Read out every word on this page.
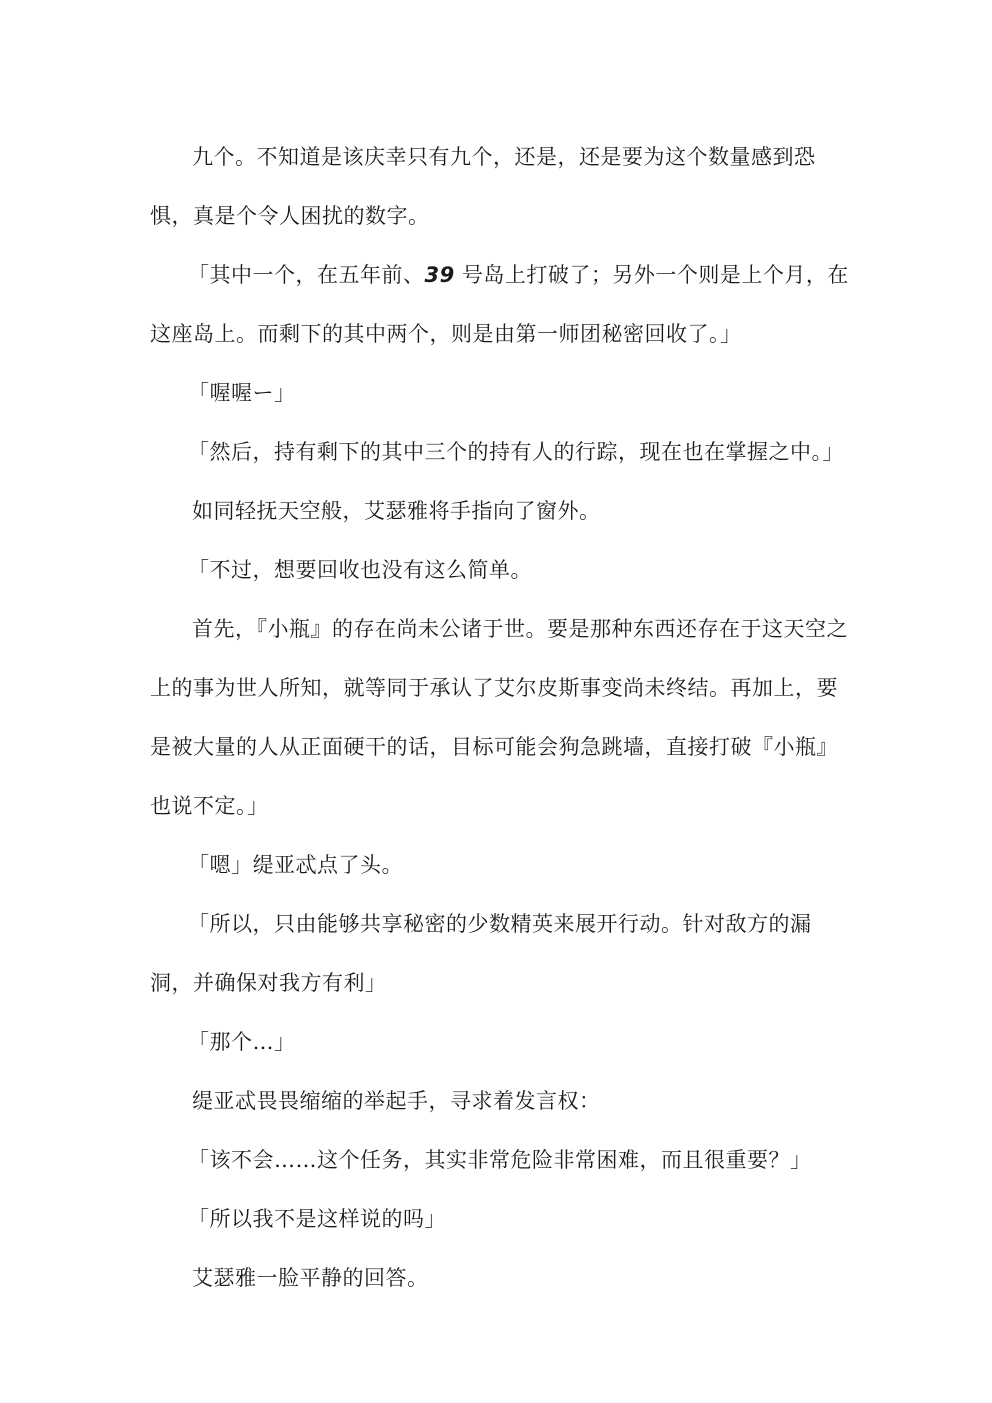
九个。不知道是该庆幸只有九个，还是，还是要为这个数量感到恐惧，真是个令人困扰的数字。

「其中一个，在五年前、39 号岛上打破了；另外一个则是上个月，在这座岛上。而剩下的其中两个，则是由第一师团秘密回收了。」

「喔喔ー」

「然后，持有剩下的其中三个的持有人的行踪，现在也在掌握之中。」

如同轻抚天空般，艾瑟雅将手指向了窗外。

「不过，想要回收也没有这么简单。

首先，『小瓶』的存在尚未公诸于世。要是那种东西还存在于这天空之上的事为世人所知，就等同于承认了艾尔皮斯事变尚未终结。再加上，要是被大量的人从正面硬干的话，目标可能会狗急跳墙，直接打破『小瓶』也说不定。」

「嗯」缇亚忒点了头。

「所以，只由能够共享秘密的少数精英来展开行动。针对敌方的漏洞，并确保对我方有利」

「那个…」

缇亚忒畏畏缩缩的举起手，寻求着发言权：

「该不会……这个任务，其实非常危险非常困难，而且很重要？」

「所以我不是这样说的吗」

艾瑟雅一脸平静的回答。
